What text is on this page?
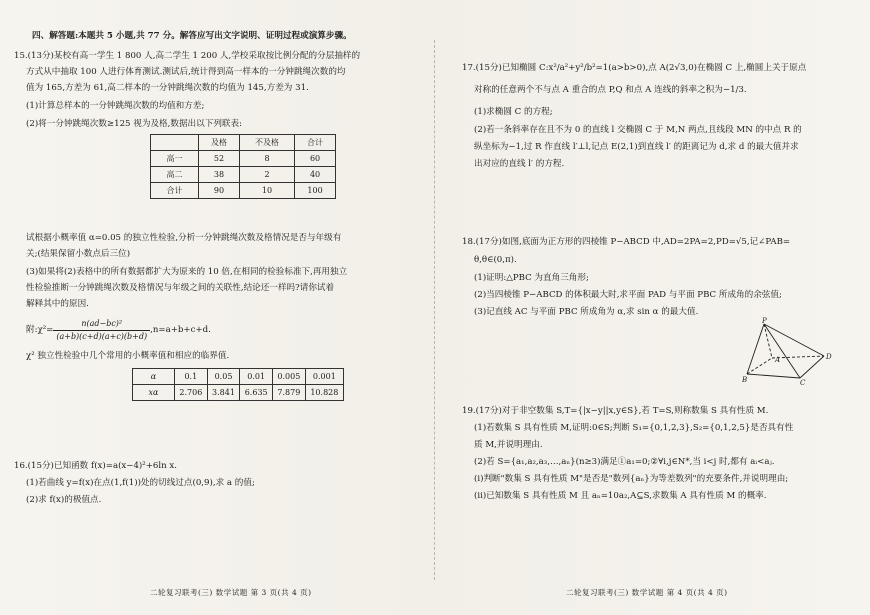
四、解答题:本题共 5 小题,共 77 分。解答应写出文字说明、证明过程或演算步骤。
15.(13分)某校有高一学生 1 800 人,高二学生 1 200 人,学校采取按比例分配的分层抽样的
方式从中抽取 100 人进行体育测试.测试后,统计得到高一样本的一分钟跳绳次数的均
值为 165,方差为 61,高二样本的一分钟跳绳次数的均值为 145,方差为 31.
(1)计算总样本的一分钟跳绳次数的均值和方差;
(2)将一分钟跳绳次数≥125 视为及格,数据出以下列联表:
	及格	不及格	合计
高一	52	8	60
高二	38	2	40
合计	90	10	100
试根据小概率值 α=0.05 的独立性检验,分析一分钟跳绳次数及格情况是否与年级有
关;(结果保留小数点后三位)
(3)如果将(2)表格中的所有数据都扩大为原来的 10 倍,在相同的检验标准下,再用独立
性检验推断一分钟跳绳次数及格情况与年级之间的关联性,结论还一样吗?请你试着
解释其中的原因.
附:χ²= $\frac{\text{n(ad−bc)²}}{(a+b)(c+d)(a+c)(b+d)} ,n=a+b+c+d$.
χ² 独立性检验中几个常用的小概率值和相应的临界值.
α	0.1	0.05	0.01	0.005	0.001
xα	2.706	3.841	6.635	7.879	10.828
16.(15分)已知函数 f(x)=a(x−4)²+6ln x.
(1)若曲线 y=f(x)在点(1,f(1))处的切线过点(0,9),求 a 的值;
(2)求 f(x)的极值点.
二轮复习联考(三) 数学试题 第 3 页(共 4 页)
17.(15分)已知椭圆 C:x²/a²+y²/b²=1(a>b>0),点 A(2√3,0)在椭圆 C 上,椭圆上关于原点
对称的任意两个不与点 A 重合的点 P,Q 和点 A 连线的斜率之积为−1/3.
(1)求椭圆 C 的方程;
(2)若一条斜率存在且不为 0 的直线 l 交椭圆 C 于 M,N 两点,且线段 MN 的中点 R 的
纵坐标为−1,过 R 作直线 l′⊥l,记点 E(2,1)到直线 l′ 的距离记为 d,求 d 的最大值并求
出对应的直线 l′ 的方程.
18.(17分)如图,底面为正方形的四棱锥 P−ABCD 中,AD=2PA=2,PD=√5,记∠PAB=
θ,θ∈(0,π).
(1)证明:△PBC 为直角三角形;
(2)当四棱锥 P−ABCD 的体积最大时,求平面 PAD 与平面 PBC 所成角的余弦值;
(3)记直线 AC 与平面 PBC 所成角为 α,求 sin α 的最大值.
P
A
B	C
D
19.(17分)对于非空数集 S,T={|x−y||x,y∈S},若 T=S,则称数集 S 具有性质 M.
(1)若数集 S 具有性质 M,证明:0∈S;判断 S₁={0,1,2,3},S₂={0,1,2,5}是否具有性
质 M,并说明理由.
(2)若 S={a₁,a₂,a₃,…,aₙ}(n≥3)满足①a₁=0;②∀i,j∈N*,当 i<j 时,都有 aᵢ<aⱼ.
(ⅰ)判断"数集 S 具有性质 M"是否是"数列{aₙ}为等差数列"的充要条件,并说明理由;
(ⅱ)已知数集 S 具有性质 M 且 aₙ=10a₂,A⊆S,求数集 A 具有性质 M 的概率.
二轮复习联考(三) 数学试题 第 4 页(共 4 页)
